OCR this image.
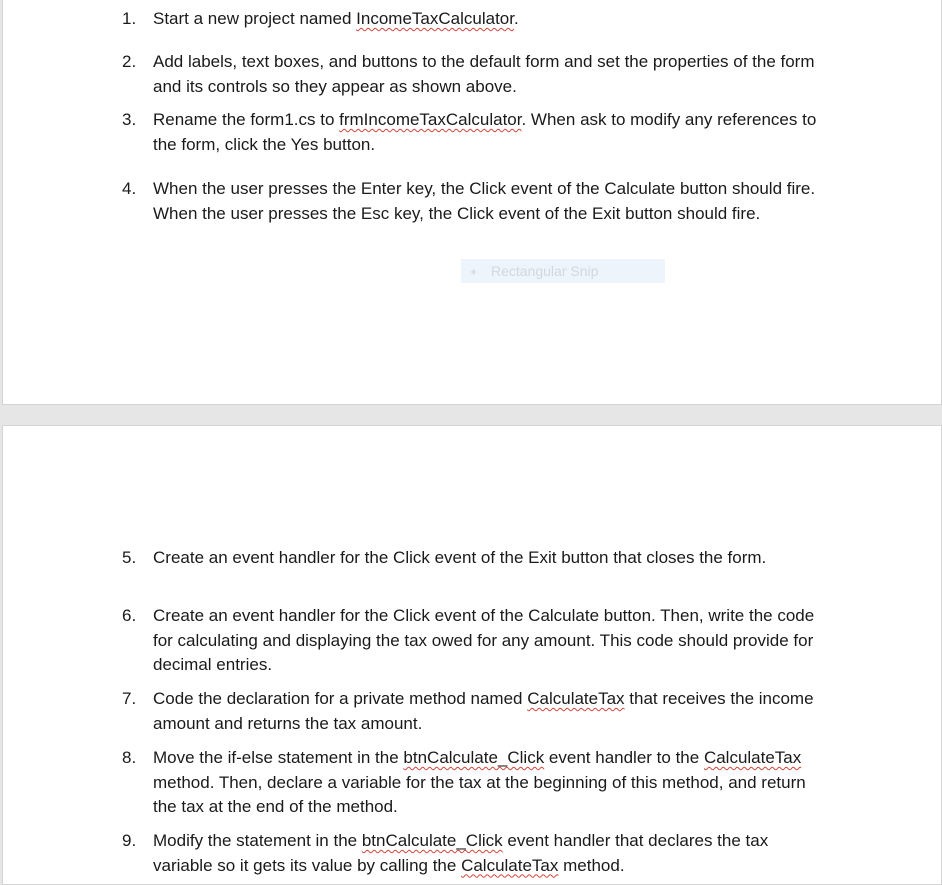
1. Start a new project named IncomeTaxCalculator.
2. Add labels, text boxes, and buttons to the default form and set the properties of the form and its controls so they appear as shown above.
3. Rename the form1.cs to frmIncomeTaxCalculator. When ask to modify any references to the form, click the Yes button.
4. When the user presses the Enter key, the Click event of the Calculate button should fire. When the user presses the Esc key, the Click event of the Exit button should fire.
✦ Rectangular Snip
5. Create an event handler for the Click event of the Exit button that closes the form.
6. Create an event handler for the Click event of the Calculate button. Then, write the code for calculating and displaying the tax owed for any amount. This code should provide for decimal entries.
7. Code the declaration for a private method named CalculateTax that receives the income amount and returns the tax amount.
8. Move the if-else statement in the btnCalculate_Click event handler to the CalculateTax method. Then, declare a variable for the tax at the beginning of this method, and return the tax at the end of the method.
9. Modify the statement in the btnCalculate_Click event handler that declares the tax variable so it gets its value by calling the CalculateTax method.
